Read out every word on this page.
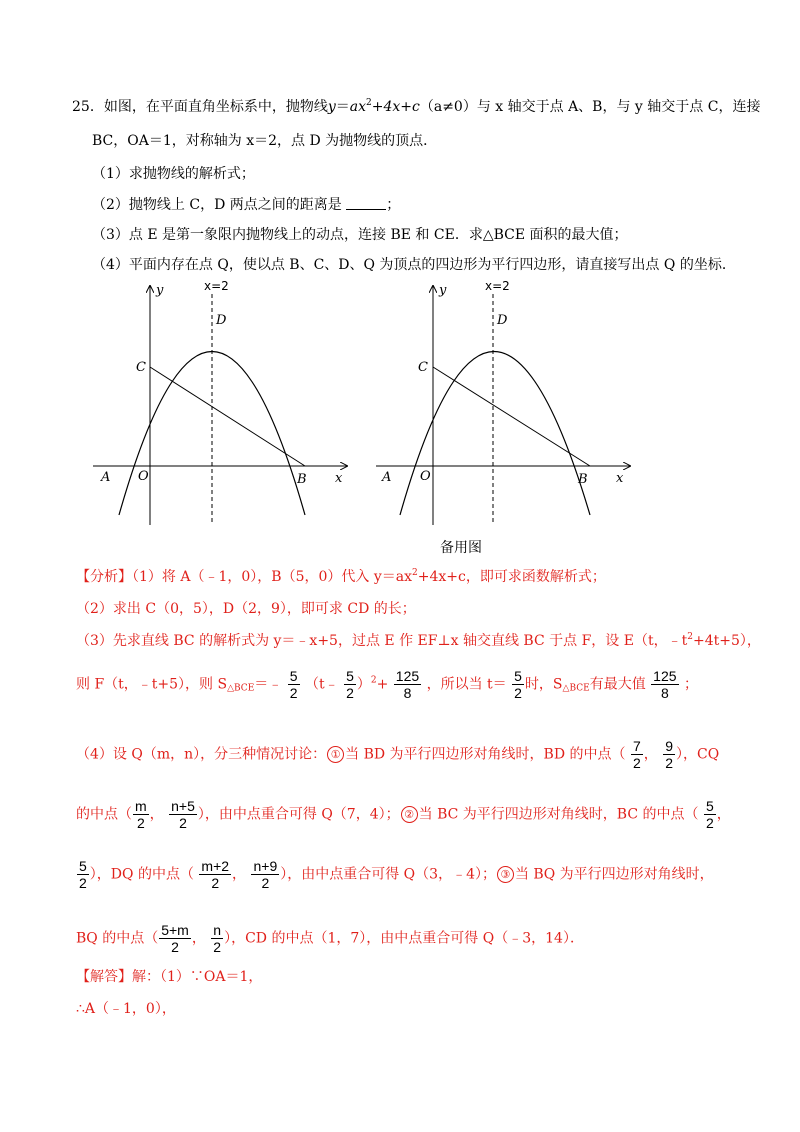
25．如图，在平面直角坐标系中，抛物线$y=ax^2+4x+c(a\ne 0)$与 x 轴交于点 A、B，与 y 轴交于点 C，连接
BC，OA＝1，对称轴为 x＝2，点 D 为抛物线的顶点．
（1）求抛物线的解析式；
（2）抛物线上 C，D 两点之间的距离是	；
（3）点 E 是第一象限内抛物线上的动点，连接 BE 和 CE．求△BCE 面积的最大值；
（4）平面内存在点 Q，使以点 B、C、D、Q 为顶点的四边形为平行四边形，请直接写出点 Q 的坐标．
y
x
x=2
D
C
A O	B
y
x
x=2
D
C
A O	B
备用图
【分析】（1）将 A（﹣1，0），B（5，0）代入 $y=ax^2+4x+c$，即可求函数解析式；
（2）求出 C（0，5），D（2，9），即可求 CD 的长；
（3）先求直线 BC 的解析式为 y＝﹣x+5，过点 E 作 EF⊥x 轴交直线 BC 于点 F，设 E（t，$﹣t^2+4t+5$），
则 F（t，﹣t+5），则 $S_{\triangle BCE}=﹣ \frac{5}{2}$ （t﹣ $\frac{5}{2} )^2+ \frac{125}{8}$ ，所以当 $t= \frac{5}{2}$ 时，$S_{\triangle BCE}$有最大值 $\frac{125}{8}$ ；
（4）设 Q（m，n），分三种情况讨论： ① 当 BD 为平行四边形对角线时，BD 的中点（ $\frac{7}{2}$ ， $\frac{9}{2}$ ），CQ
的中点（ $\frac{m}{2}$ ， $\frac{n+5}{2}$ ），由中点重合可得 Q（7，4）； ② 当 BC 为平行四边形对角线时，BC 的中点（ $\frac{5}{2}$ ，
$\frac{5}{2}$ ），DQ 的中点（ $\frac{m+2}{2}$ ， $\frac{n+9}{2}$ ），由中点重合可得 Q（3，﹣4）； ③ 当 BQ 为平行四边形对角线时，
BQ 的中点（ $\frac{5+m}{2}$ ， $\frac{n}{2}$ ），CD 的中点（1，7），由中点重合可得 Q（﹣3，14）．
【解答】解：（1）∵OA＝1，
∴A（﹣1，0），
